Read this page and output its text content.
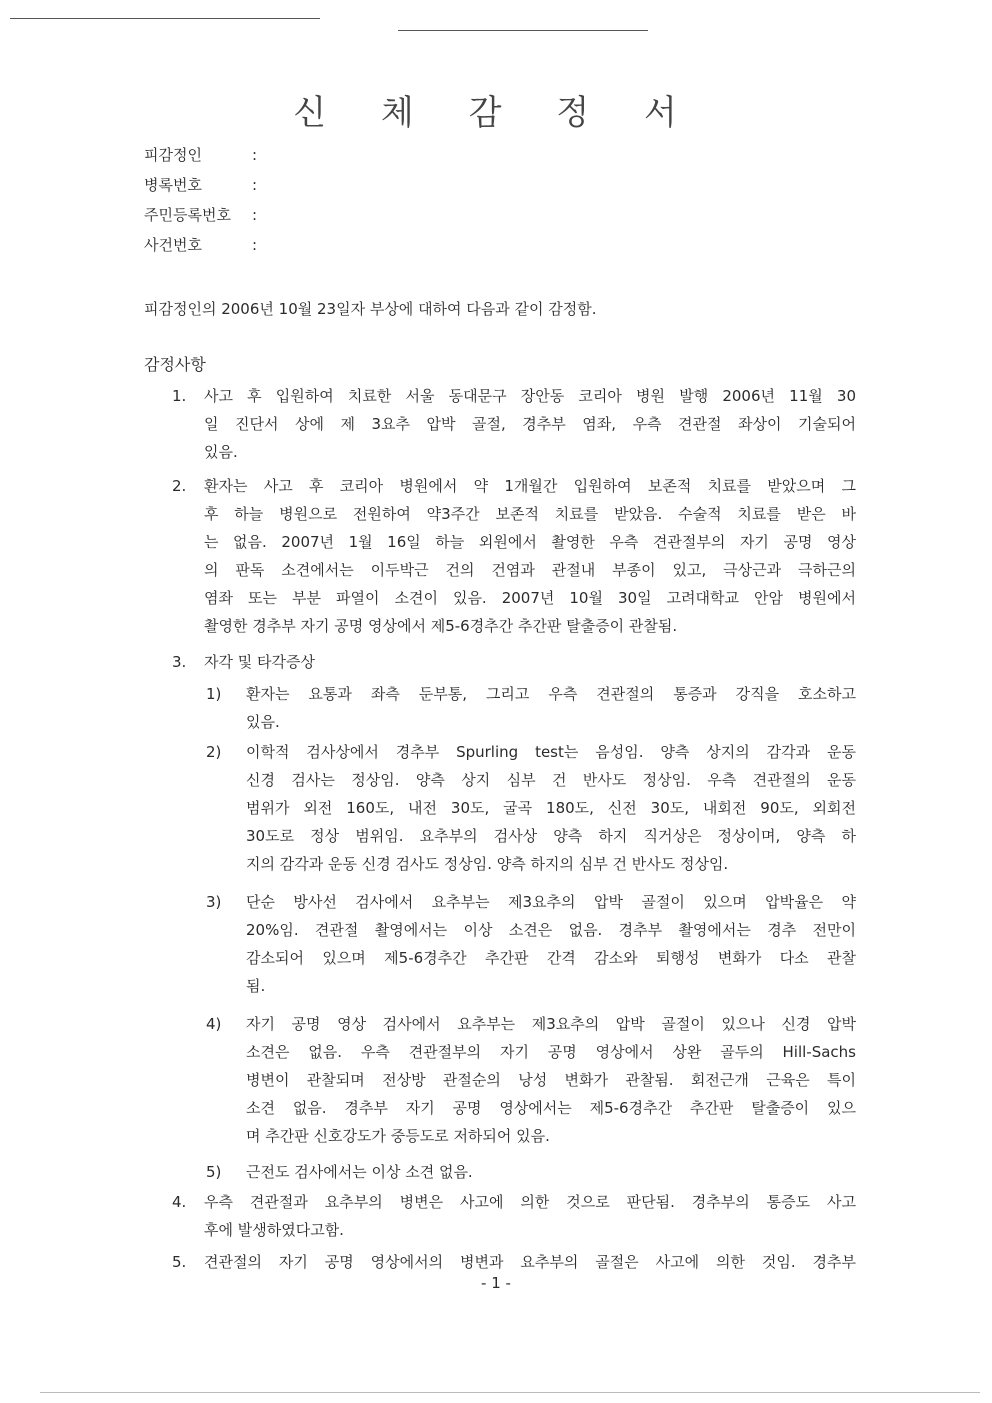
신 체 감 정 서
피감정인	:
병록번호	:
주민등록번호 :
사건번호	:
피감정인의 2006년 10월 23일자 부상에 대하여 다음과 같이 감정함.
감정사항
1. 사고 후 입원하여 치료한 서울 동대문구 장안동 코리아 병원 발행 2006년 11월 30
일 진단서 상에 제 3요추 압박 골절, 경추부 염좌, 우측 견관절 좌상이 기술되어
있음.
2. 환자는 사고 후 코리아 병원에서 약 1개월간 입원하여 보존적 치료를 받았으며 그
후 하늘 병원으로 전원하여 약3주간 보존적 치료를 받았음. 수술적 치료를 받은 바
는 없음. 2007년 1월 16일 하늘 외원에서 촬영한 우측 견관절부의 자기 공명 영상
의 판독 소견에서는 이두박근 건의 건염과 관절내 부종이 있고, 극상근과 극하근의
염좌 또는 부분 파열이 소견이 있음. 2007년 10월 30일 고려대학교 안암 병원에서
촬영한 경추부 자기 공명 영상에서 제5-6경추간 추간판 탈출증이 관찰됨.
3. 자각 및 타각증상
1) 환자는 요통과 좌측 둔부통, 그리고 우측 견관절의 통증과 강직을 호소하고
있음.
2) 이학적 검사상에서 경추부 Spurling test는 음성임. 양측 상지의 감각과 운동
신경 검사는 정상임. 양측 상지 심부 건 반사도 정상임. 우측 견관절의 운동
범위가 외전 160도, 내전 30도, 굴곡 180도, 신전 30도, 내회전 90도, 외회전
30도로 정상 범위임. 요추부의 검사상 양측 하지 직거상은 정상이며, 양측 하
지의 감각과 운동 신경 검사도 정상임. 양측 하지의 심부 건 반사도 정상임.
3) 단순 방사선 검사에서 요추부는 제3요추의 압박 골절이 있으며 압박율은 약
20%임. 견관절 촬영에서는 이상 소견은 없음. 경추부 촬영에서는 경추 전만이
감소되어 있으며 제5-6경추간 추간판 간격 감소와 퇴행성 변화가 다소 관찰
됨.
4) 자기 공명 영상 검사에서 요추부는 제3요추의 압박 골절이 있으나 신경 압박
소견은 없음. 우측 견관절부의 자기 공명 영상에서 상완 골두의 Hill-Sachs
병변이 관찰되며 전상방 관절순의 낭성 변화가 관찰됨. 회전근개 근육은 특이
소견 없음. 경추부 자기 공명 영상에서는 제5-6경추간 추간판 탈출증이 있으
며 추간판 신호강도가 중등도로 저하되어 있음.
5) 근전도 검사에서는 이상 소견 없음.
4. 우측 견관절과 요추부의 병변은 사고에 의한 것으로 판단됨. 경추부의 통증도 사고
후에 발생하였다고함.
5. 견관절의 자기 공명 영상에서의 병변과 요추부의 골절은 사고에 의한 것임. 경추부
- 1 -
